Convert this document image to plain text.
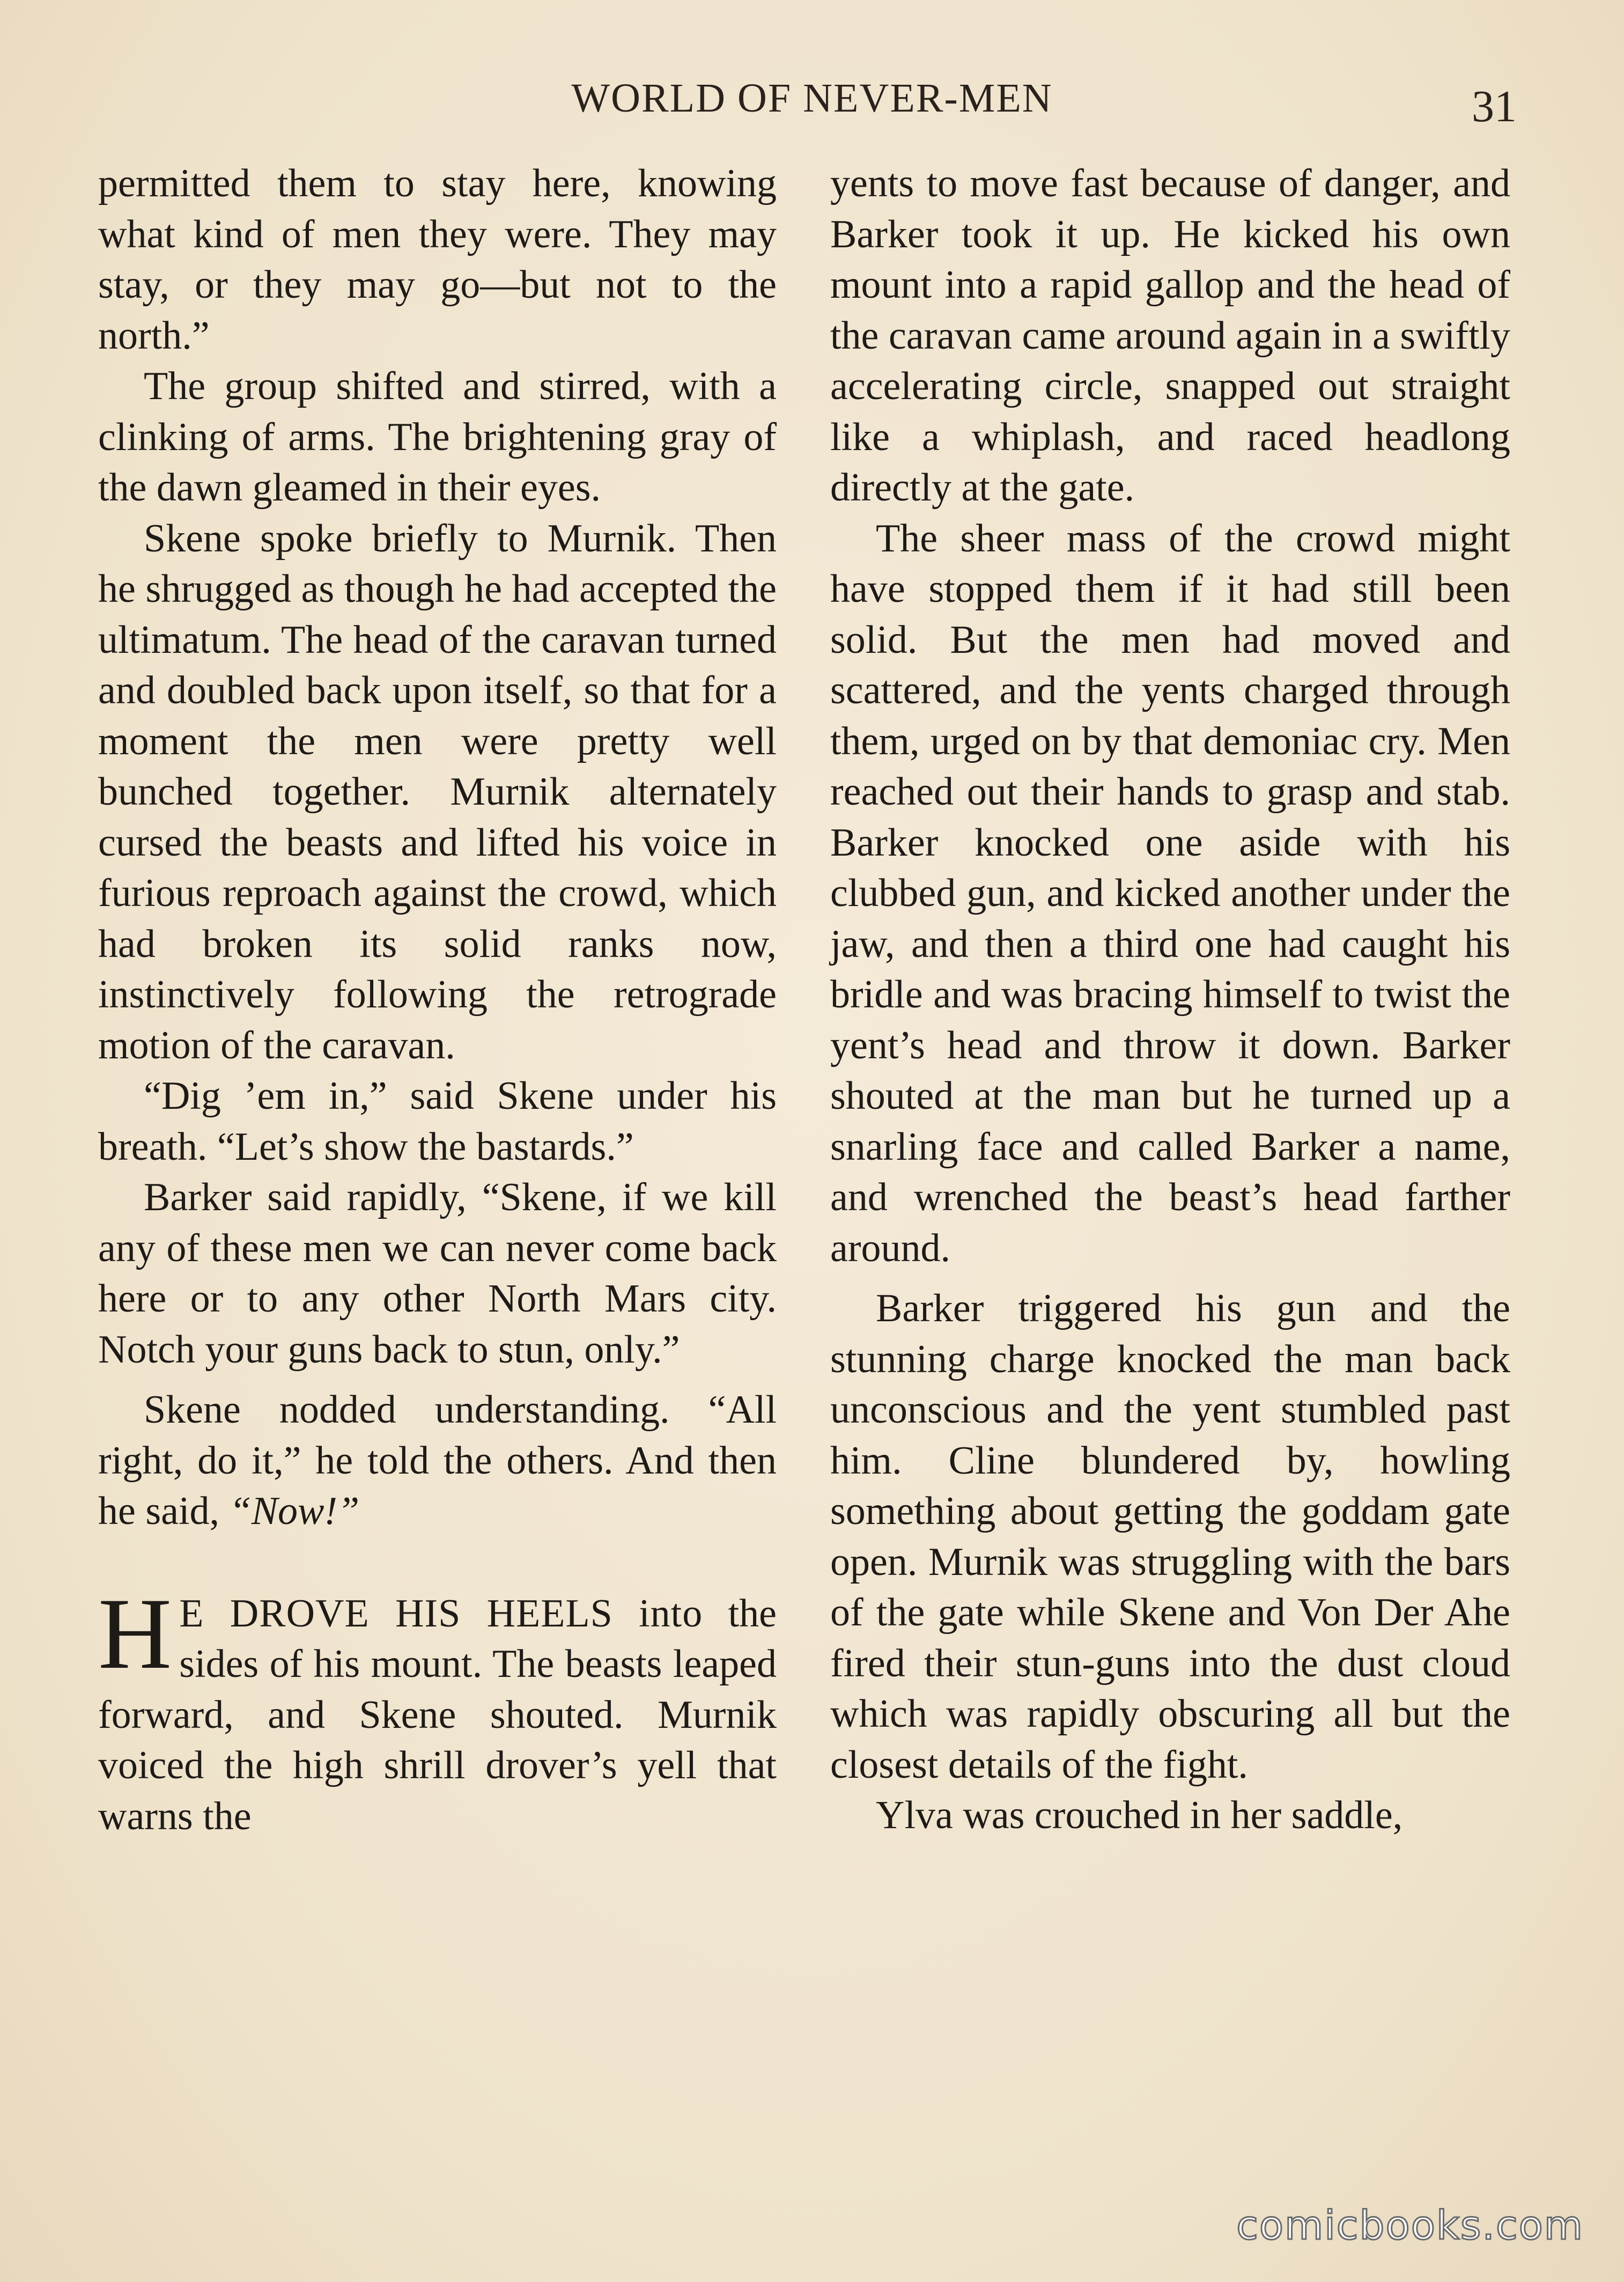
WORLD OF NEVER-MEN	31

permitted them to stay here, knowing what kind of men they were. They may stay, or they may go—but not to the north.”

The group shifted and stirred, with a clinking of arms. The brightening gray of the dawn gleamed in their eyes.

Skene spoke briefly to Murnik. Then he shrugged as though he had accepted the ultimatum. The head of the caravan turned and doubled back upon itself, so that for a moment the men were pretty well bunched together. Murnik alternately cursed the beasts and lifted his voice in furious reproach against the crowd, which had broken its solid ranks now, instinctively following the retrograde motion of the caravan.

“Dig ’em in,” said Skene under his breath. “Let’s show the bastards.”

Barker said rapidly, “Skene, if we kill any of these men we can never come back here or to any other North Mars city. Notch your guns back to stun, only.”

Skene nodded understanding. “All right, do it,” he told the others. And then he said, “Now!”

H E DROVE HIS HEELS into the sides of his mount. The beasts leaped forward, and Skene shouted. Murnik voiced the high shrill drover’s yell that warns the

yents to move fast because of danger, and Barker took it up. He kicked his own mount into a rapid gallop and the head of the caravan came around again in a swiftly accelerating circle, snapped out straight like a whiplash, and raced headlong directly at the gate.

The sheer mass of the crowd might have stopped them if it had still been solid. But the men had moved and scattered, and the yents charged through them, urged on by that demoniac cry. Men reached out their hands to grasp and stab. Barker knocked one aside with his clubbed gun, and kicked another under the jaw, and then a third one had caught his bridle and was bracing himself to twist the yent’s head and throw it down. Barker shouted at the man but he turned up a snarling face and called Barker a name, and wrenched the beast’s head farther around.

Barker triggered his gun and the stunning charge knocked the man back unconscious and the yent stumbled past him. Cline blundered by, howling something about getting the goddam gate open. Murnik was struggling with the bars of the gate while Skene and Von Der Ahe fired their stun-guns into the dust cloud which was rapidly obscuring all but the closest details of the fight.

Ylva was crouched in her saddle,

comicbooks.com
